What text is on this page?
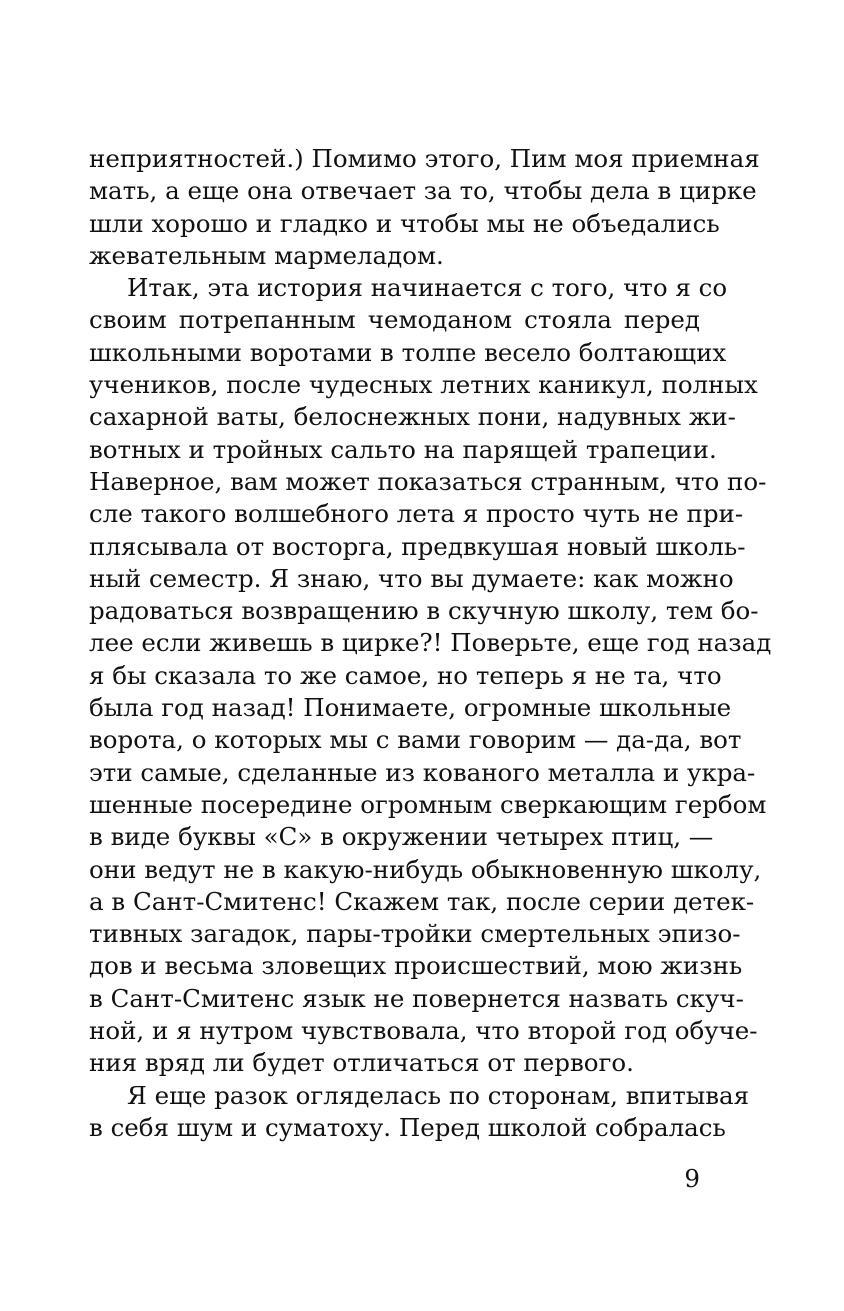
неприятностей.) Помимо этого, Пим моя приемная
мать, а еще она отвечает за то, чтобы дела в цирке
шли хорошо и гладко и чтобы мы не объедались
жевательным мармеладом.
Итак, эта история начинается с того, что я со
своим потрепанным чемоданом стояла перед
школьными воротами в толпе весело болтающих
учеников, после чудесных летних каникул, полных
сахарной ваты, белоснежных пони, надувных жи-
вотных и тройных сальто на парящей трапеции.
Наверное, вам может показаться странным, что по-
сле такого волшебного лета я просто чуть не при-
плясывала от восторга, предвкушая новый школь-
ный семестр. Я знаю, что вы думаете: как можно
радоваться возвращению в скучную школу, тем бо-
лее если живешь в цирке?! Поверьте, еще год назад
я бы сказала то же самое, но теперь я не та, что
была год назад! Понимаете, огромные школьные
ворота, о которых мы с вами говорим — да-да, вот
эти самые, сделанные из кованого металла и укра-
шенные посередине огромным сверкающим гербом
в виде буквы «С» в окружении четырех птиц, —
они ведут не в какую-нибудь обыкновенную школу,
а в Сант-Смитенс! Скажем так, после серии детек-
тивных загадок, пары-тройки смертельных эпизо-
дов и весьма зловещих происшествий, мою жизнь
в Сант-Смитенс язык не повернется назвать скуч-
ной, и я нутром чувствовала, что второй год обуче-
ния вряд ли будет отличаться от первого.
Я еще разок огляделась по сторонам, впитывая
в себя шум и суматоху. Перед школой собралась
9
